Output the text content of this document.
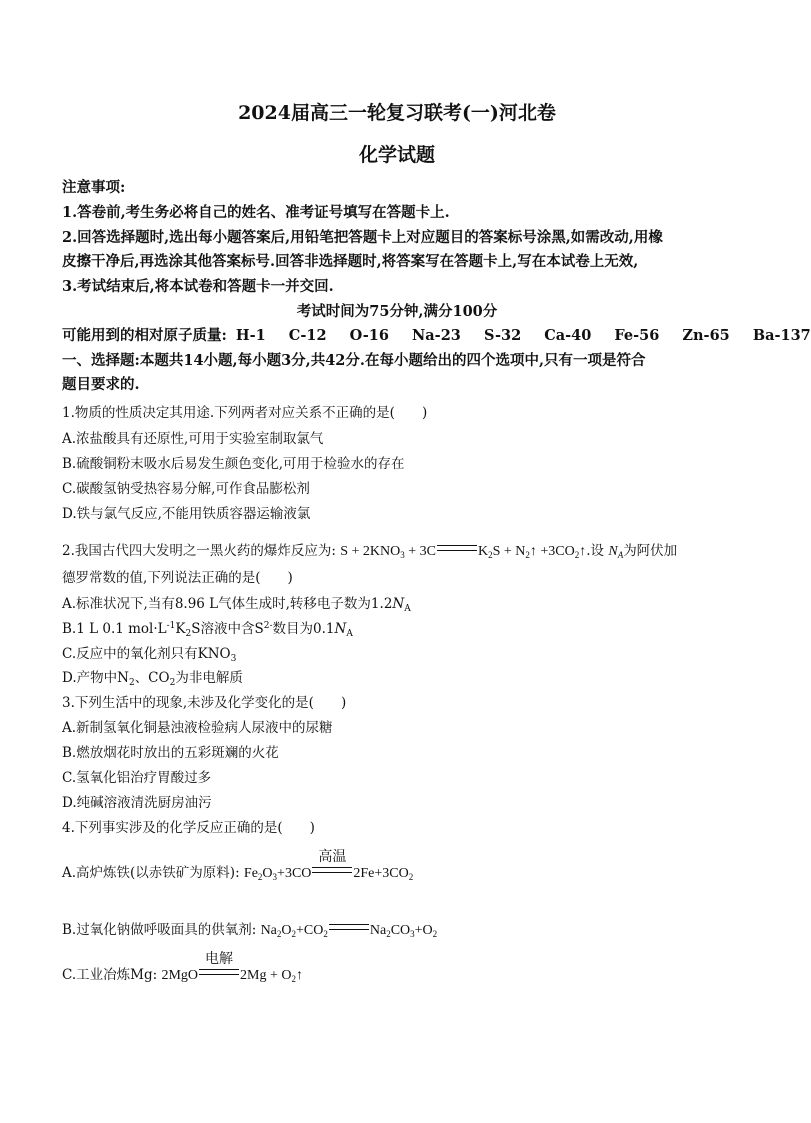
2024届高三一轮复习联考(一)河北卷
化学试题
注意事项:
1.答卷前,考生务必将自己的姓名、准考证号填写在答题卡上.
2.回答选择题时,选出每小题答案后,用铅笔把答题卡上对应题目的答案标号涂黑,如需改动,用橡
皮擦干净后,再选涂其他答案标号.回答非选择题时,将答案写在答题卡上,写在本试卷上无效,
3.考试结束后,将本试卷和答题卡一并交回.
考试时间为75分钟,满分100分
可能用到的相对原子质量: H-1 C-12 O-16 Na-23 S-32 Ca-40 Fe-56 Zn-65 Ba-137
一、选择题:本题共14小题,每小题3分,共42分.在每小题给出的四个选项中,只有一项是符合
题目要求的.
1.物质的性质决定其用途.下列两者对应关系不正确的是(　　)
A.浓盐酸具有还原性,可用于实验室制取氯气
B.硫酸铜粉末吸水后易发生颜色变化,可用于检验水的存在
C.碳酸氢钠受热容易分解,可作食品膨松剂
D.铁与氯气反应,不能用铁质容器运输液氯
2.我国古代四大发明之一黑火药的爆炸反应为: $S + 2KNO_3 + 3C$	$K_2S$ + $N_2↑$ $+3CO_2↑$.设 $N_A$为阿伏加
德罗常数的值,下列说法正确的是(　　)
A.标准状况下,当有8.96 L气体生成时,转移电子数为$1.2N_A$
B.1 L 0.1 $mol\cdot L^{-1}K_2S$溶液中含$S^{2-}$数目为$0.1N_A$
C.反应中的氧化剂只有$KNO_3$
D.产物中$N_2$、$CO_2$为非电解质
3.下列生活中的现象,未涉及化学变化的是(　　)
A.新制氢氧化铜悬浊液检验病人尿液中的尿糖
B.燃放烟花时放出的五彩斑斓的火花
C.氢氧化铝治疗胃酸过多
D.纯碱溶液清洗厨房油污
4.下列事实涉及的化学反应正确的是(　　)
A.高炉炼铁(以赤铁矿为原料): $Fe_2O_3+3CO$
高温
$2Fe+3CO_2$
B.过氧化钠做呼吸面具的供氧剂: $Na_2O_2+CO_2$	$Na_2CO_3+O_2$
C.工业冶炼Mg: 2MgO
电解
$2Mg + O_2↑$
